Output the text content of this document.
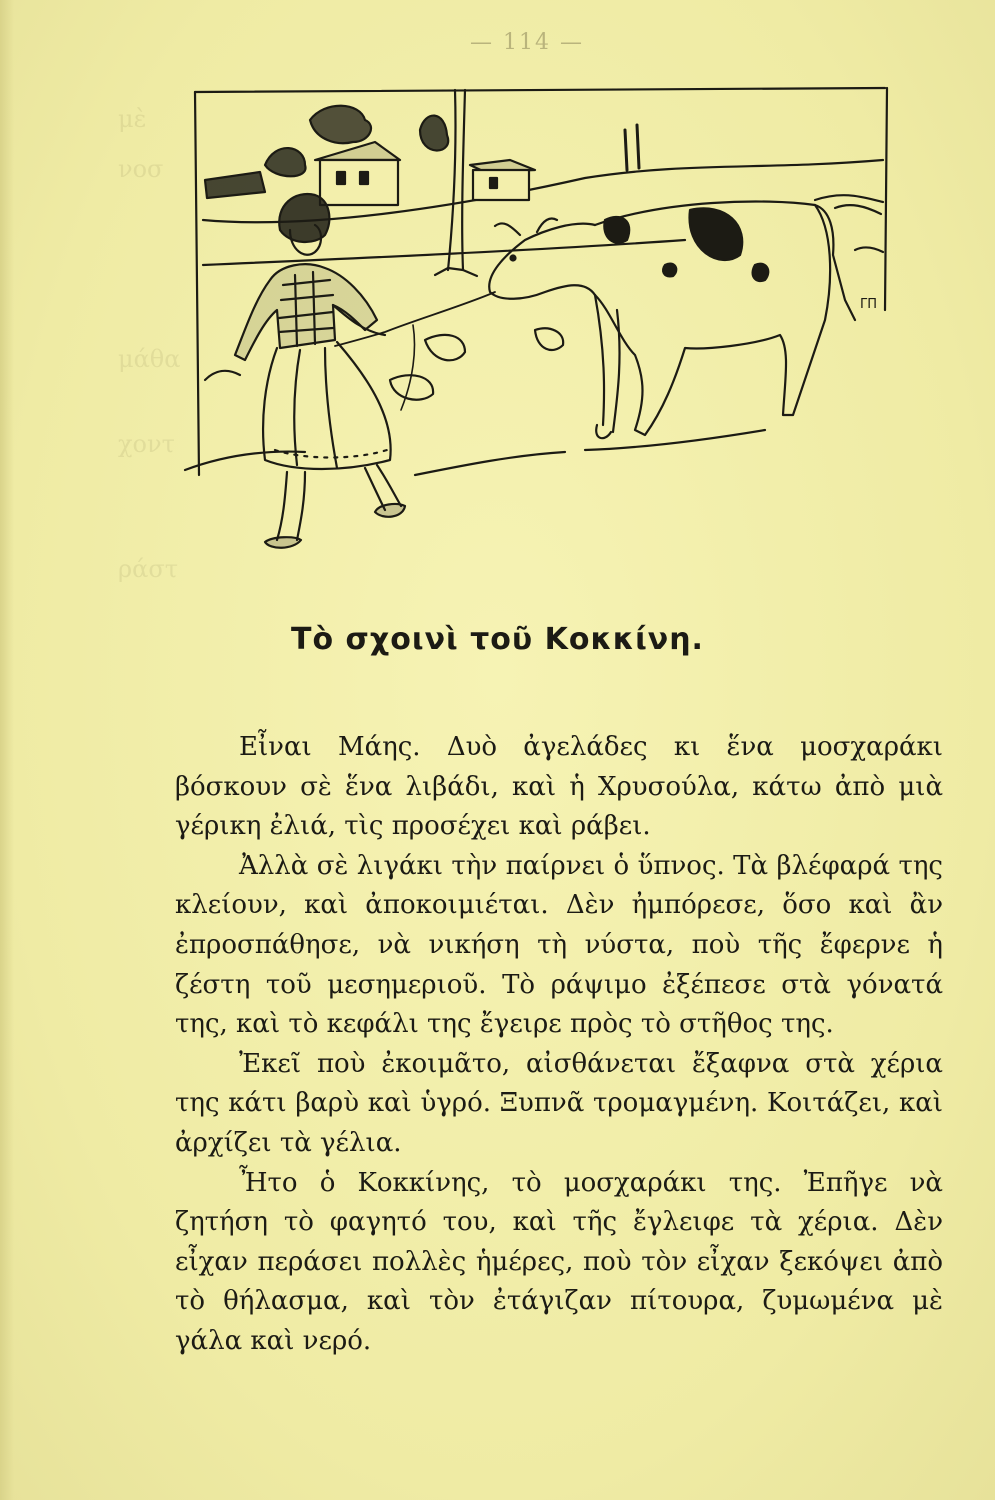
μὲ
νοσ
μάθα
χοντ
ράστ
— 114 —
ΓΠ
Τὸ σχοινὶ τοῦ Κοκκίνη.

Εἶναι Μάης. Δυὸ ἀγελάδες κι ἕνα μοσχαράκι βόσκουν σὲ ἕνα λιβάδι, καὶ ἡ Χρυσούλα, κάτω ἀπὸ μιὰ γέρικη ἐλιά, τὶς προσέχει καὶ ράβει.

Ἀλλὰ σὲ λιγάκι τὴν παίρνει ὁ ὕπνος. Τὰ βλέφαρά της κλείουν, καὶ ἀποκοιμιέται. Δὲν ἠμπόρεσε, ὅσο καὶ ἂν ἐπροσπάθησε, νὰ νικήση τὴ νύστα, ποὺ τῆς ἔφερνε ἡ ζέστη τοῦ μεσημεριοῦ. Τὸ ράψιμο ἐξέπεσε στὰ γόνατά της, καὶ τὸ κεφάλι της ἔγειρε πρὸς τὸ στῆθος της.

Ἐκεῖ ποὺ ἐκοιμᾶτο, αἰσθάνεται ἔξαφνα στὰ χέρια της κάτι βαρὺ καὶ ὑγρό. Ξυπνᾶ τρομαγμένη. Κοιτάζει, καὶ ἀρχίζει τὰ γέλια.

Ἦτο ὁ Κοκκίνης, τὸ μοσχαράκι της. Ἐπῆγε νὰ ζητήση τὸ φαγητό του, καὶ τῆς ἔγλειφε τὰ χέρια. Δὲν εἶχαν περάσει πολλὲς ἡμέρες, ποὺ τὸν εἶχαν ξεκόψει ἀπὸ τὸ θήλασμα, καὶ τὸν ἐτάγιζαν πίτουρα, ζυμωμένα μὲ γάλα καὶ νερό.
